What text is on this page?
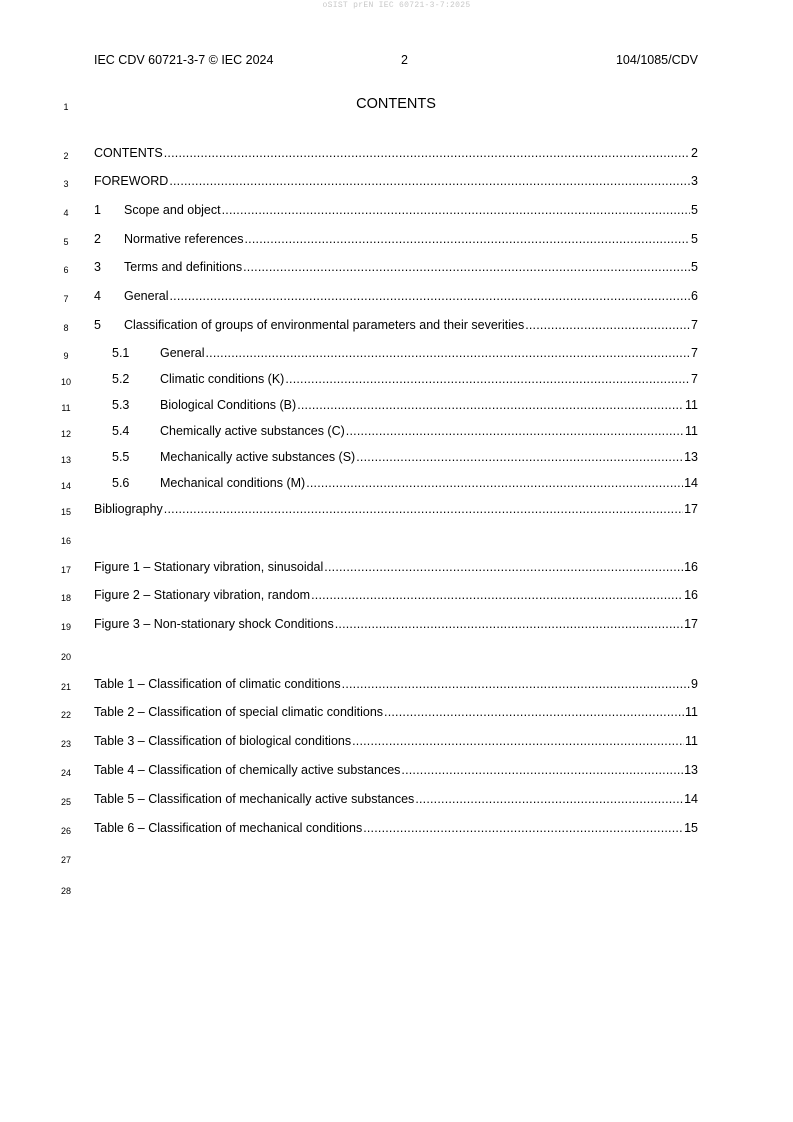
oSIST prEN IEC 60721-3-7:2025
IEC CDV 60721-3-7 © IEC 2024	2	104/1085/CDV
1
2
3
4
5
6
7
8
9
10
11
12
13
14
15
16
17
18
19
20
21
22
23
24
25
26
27
28
CONTENTS
CONTENTS .....	2
FOREWORD .....	3
1	Scope and object .....	5
2	Normative references .....	5
3	Terms and definitions .....	5
4	General .....	6
5	Classification of groups of environmental parameters and their severities .....	7
5.1	General .....	7
5.2	Climatic conditions (K) .....	7
5.3	Biological Conditions (B) .....	11
5.4	Chemically active substances (C) .....	11
5.5	Mechanically active substances (S) .....	13
5.6	Mechanical conditions (M) .....	14
Bibliography .....	17
Figure 1 – Stationary vibration, sinusoidal .....	16
Figure 2 – Stationary vibration, random .....	16
Figure 3 – Non-stationary shock Conditions .....	17
Table 1 – Classification of climatic conditions .....	9
Table 2 – Classification of special climatic conditions .....	11
Table 3 – Classification of biological conditions .....	11
Table 4 – Classification of chemically active substances .....	13
Table 5 – Classification of mechanically active substances .....	14
Table 6 – Classification of mechanical conditions .....	15
